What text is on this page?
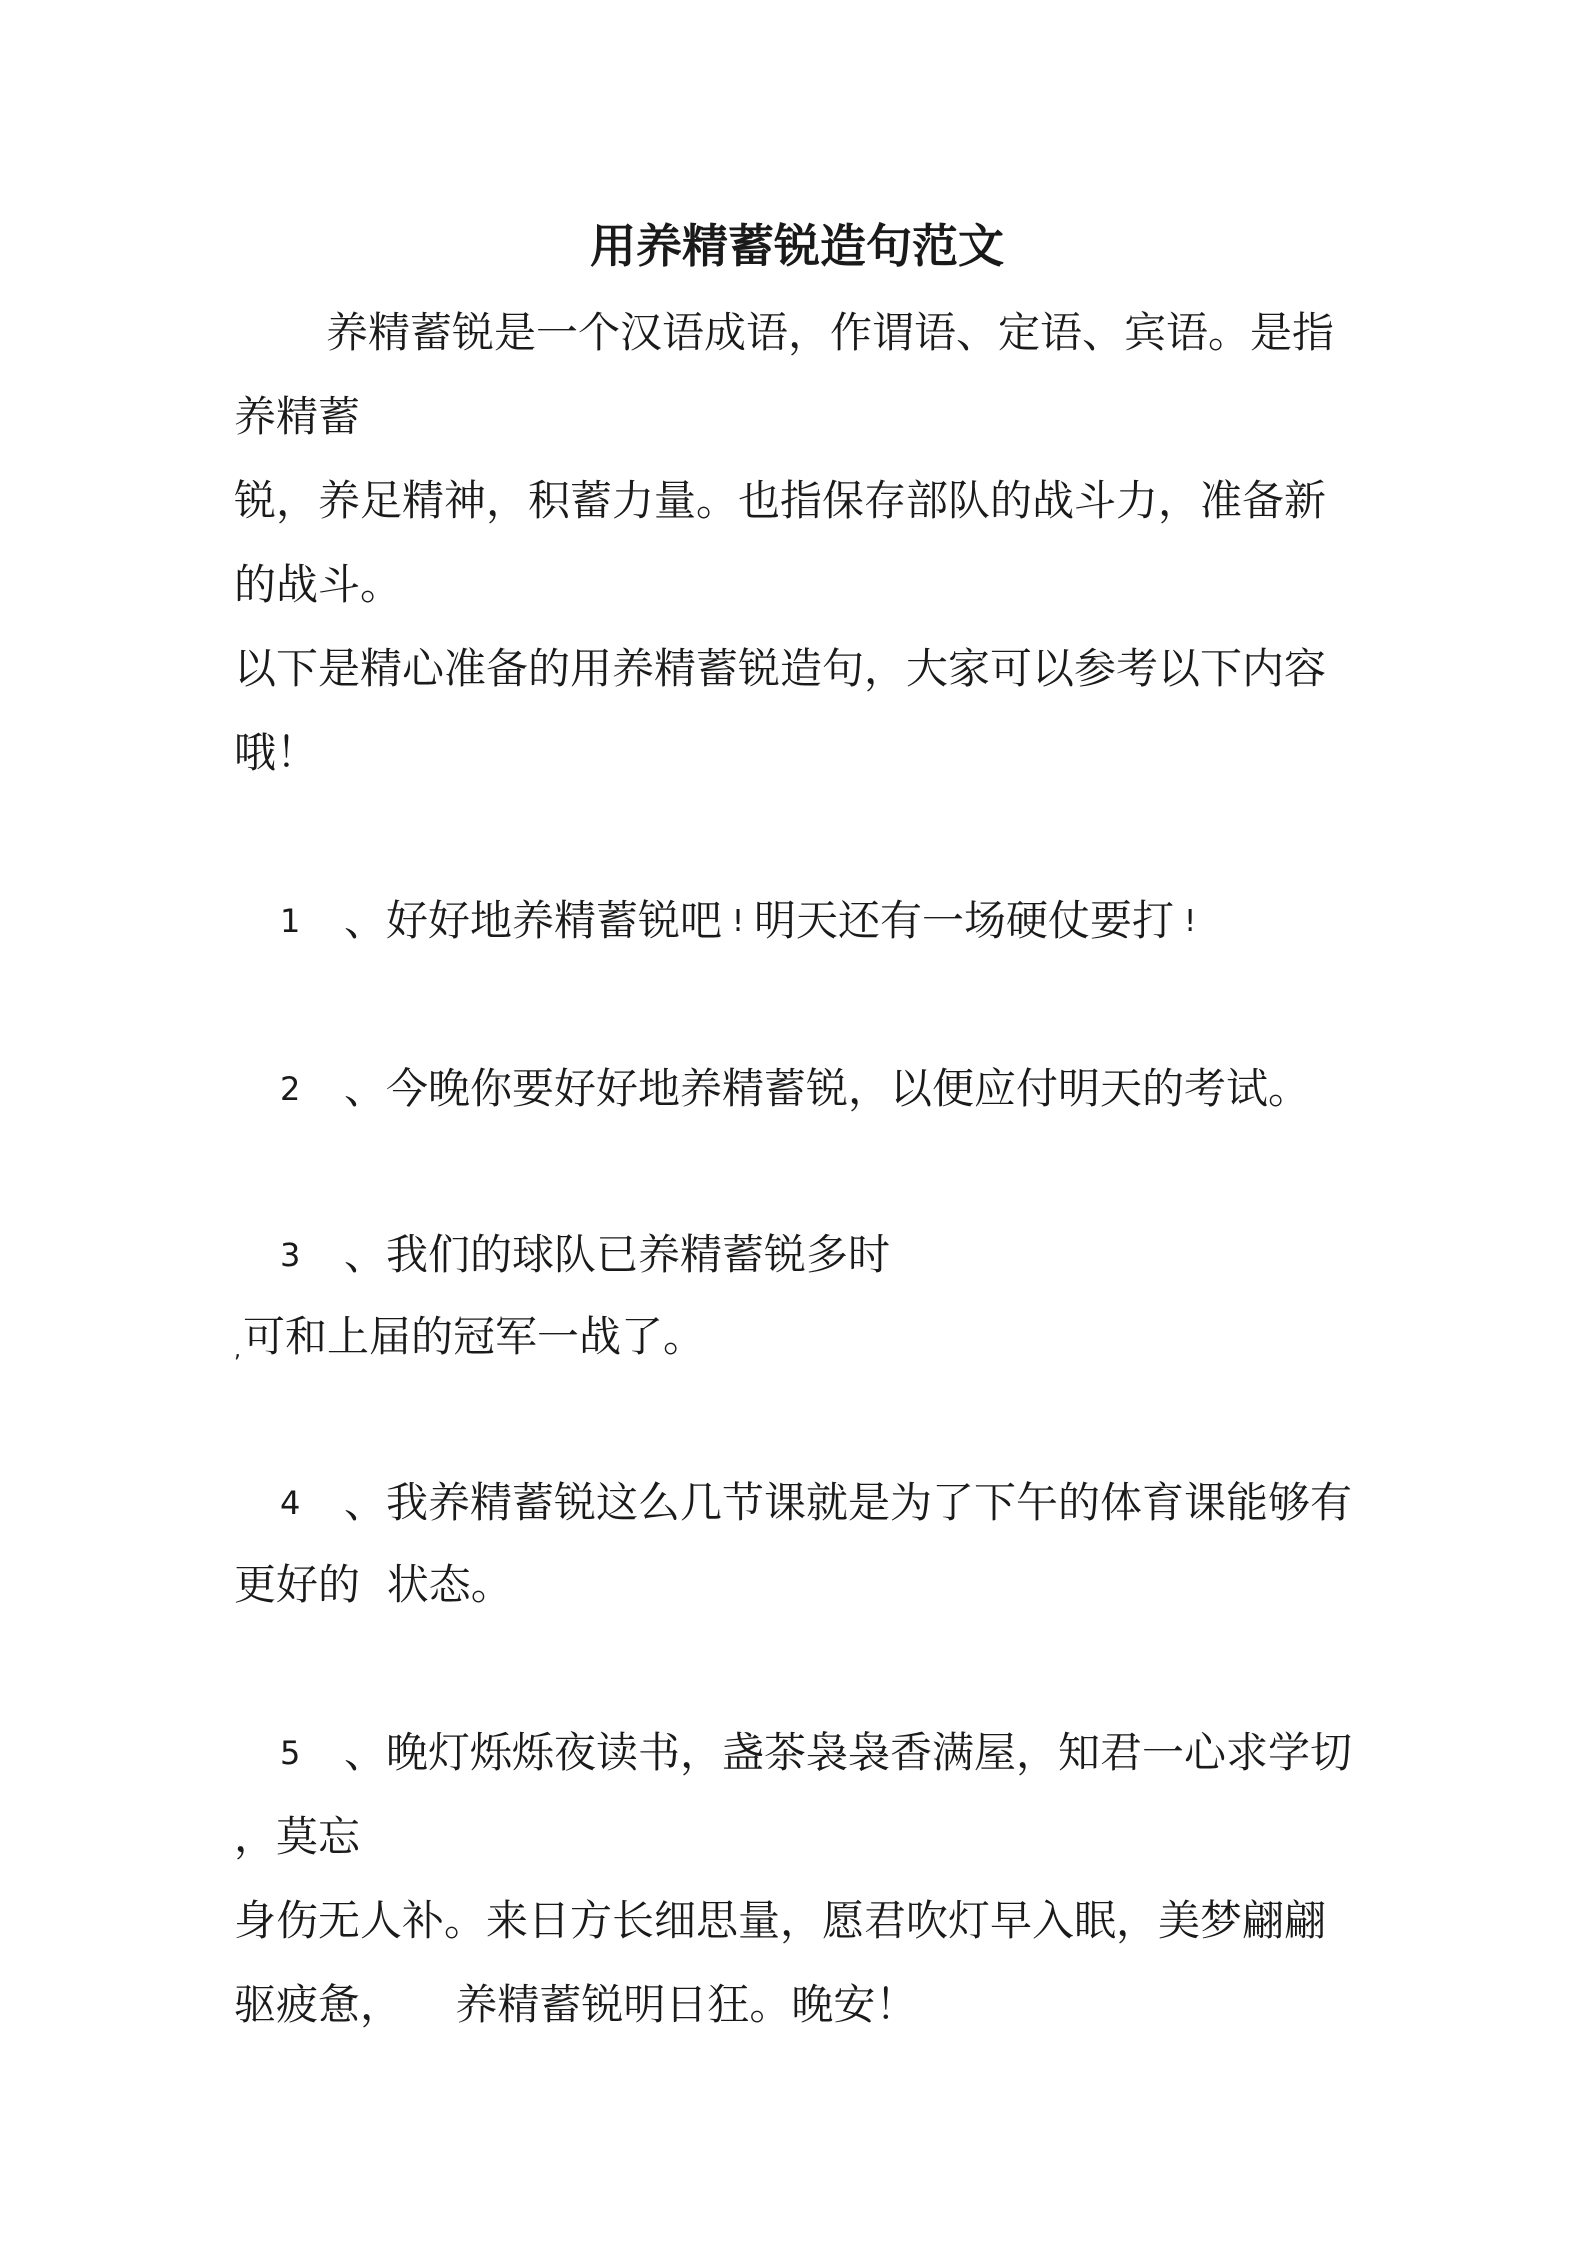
用养精蓄锐造句范文

养精蓄锐是一个汉语成语，作谓语、定语、宾语。是指

养精蓄

锐，养足精神，积蓄力量。也指保存部队的战斗力，准备新

的战斗。

以下是精心准备的用养精蓄锐造句，大家可以参考以下内容

哦！

1 、好好地养精蓄锐吧 ! 明天还有一场硬仗要打 !
2 、今晚你要好好地养精蓄锐，以便应付明天的考试。
3 、我们的球队已养精蓄锐多时

,可和上届的冠军一战了。

4 、我养精蓄锐这么几节课就是为了下午的体育课能够有

更好的  状态。

5 、晚灯烁烁夜读书，盏茶袅袅香满屋，知君一心求学切

，莫忘

身伤无人补。来日方长细思量，愿君吹灯早入眠，美梦翩翩

驱疲惫，    养精蓄锐明日狂。晚安！
